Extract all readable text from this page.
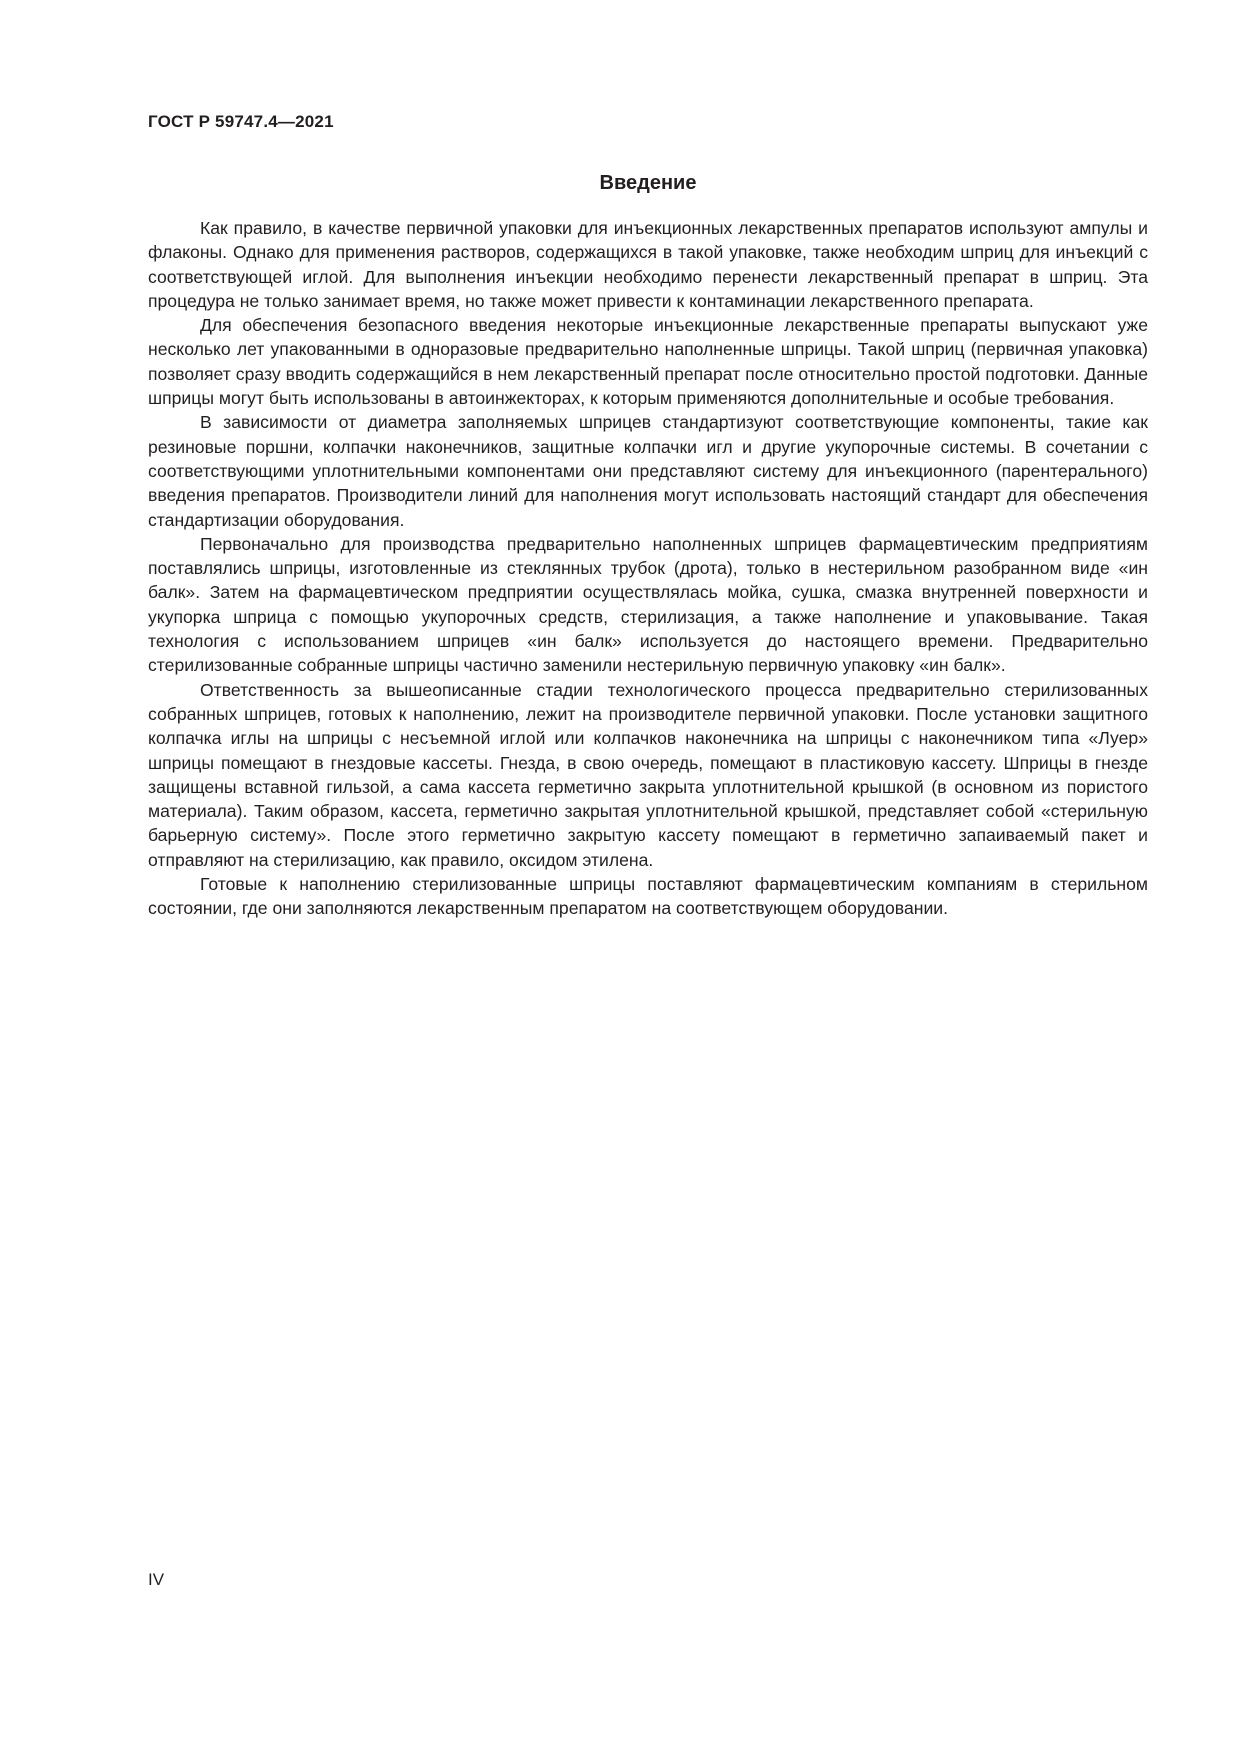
ГОСТ Р 59747.4—2021
Введение

Как правило, в качестве первичной упаковки для инъекционных лекарственных препаратов используют ампулы и флаконы. Однако для применения растворов, содержащихся в такой упаковке, также необходим шприц для инъекций с соответствующей иглой. Для выполнения инъекции необходимо перенести лекарственный препарат в шприц. Эта процедура не только занимает время, но также может привести к контаминации лекарственного препарата.

Для обеспечения безопасного введения некоторые инъекционные лекарственные препараты выпускают уже несколько лет упакованными в одноразовые предварительно наполненные шприцы. Такой шприц (первичная упаковка) позволяет сразу вводить содержащийся в нем лекарственный препарат после относительно простой подготовки. Данные шприцы могут быть использованы в автоинжекторах, к которым применяются дополнительные и особые требования.

В зависимости от диаметра заполняемых шприцев стандартизуют соответствующие компоненты, такие как резиновые поршни, колпачки наконечников, защитные колпачки игл и другие укупорочные системы. В сочетании с соответствующими уплотнительными компонентами они представляют систему для инъекционного (парентерального) введения препаратов. Производители линий для наполнения могут использовать настоящий стандарт для обеспечения стандартизации оборудования.

Первоначально для производства предварительно наполненных шприцев фармацевтическим предприятиям поставлялись шприцы, изготовленные из стеклянных трубок (дрота), только в нестерильном разобранном виде «ин балк». Затем на фармацевтическом предприятии осуществлялась мойка, сушка, смазка внутренней поверхности и укупорка шприца с помощью укупорочных средств, стерилизация, а также наполнение и упаковывание. Такая технология с использованием шприцев «ин балк» используется до настоящего времени. Предварительно стерилизованные собранные шприцы частично заменили нестерильную первичную упаковку «ин балк».

Ответственность за вышеописанные стадии технологического процесса предварительно стерилизованных собранных шприцев, готовых к наполнению, лежит на производителе первичной упаковки. После установки защитного колпачка иглы на шприцы с несъемной иглой или колпачков наконечника на шприцы с наконечником типа «Луер» шприцы помещают в гнездовые кассеты. Гнезда, в свою очередь, помещают в пластиковую кассету. Шприцы в гнезде защищены вставной гильзой, а сама кассета герметично закрыта уплотнительной крышкой (в основном из пористого материала). Таким образом, кассета, герметично закрытая уплотнительной крышкой, представляет собой «стерильную барьерную систему». После этого герметично закрытую кассету помещают в герметично запаиваемый пакет и отправляют на стерилизацию, как правило, оксидом этилена.

Готовые к наполнению стерилизованные шприцы поставляют фармацевтическим компаниям в стерильном состоянии, где они заполняются лекарственным препаратом на соответствующем оборудовании.

IV
